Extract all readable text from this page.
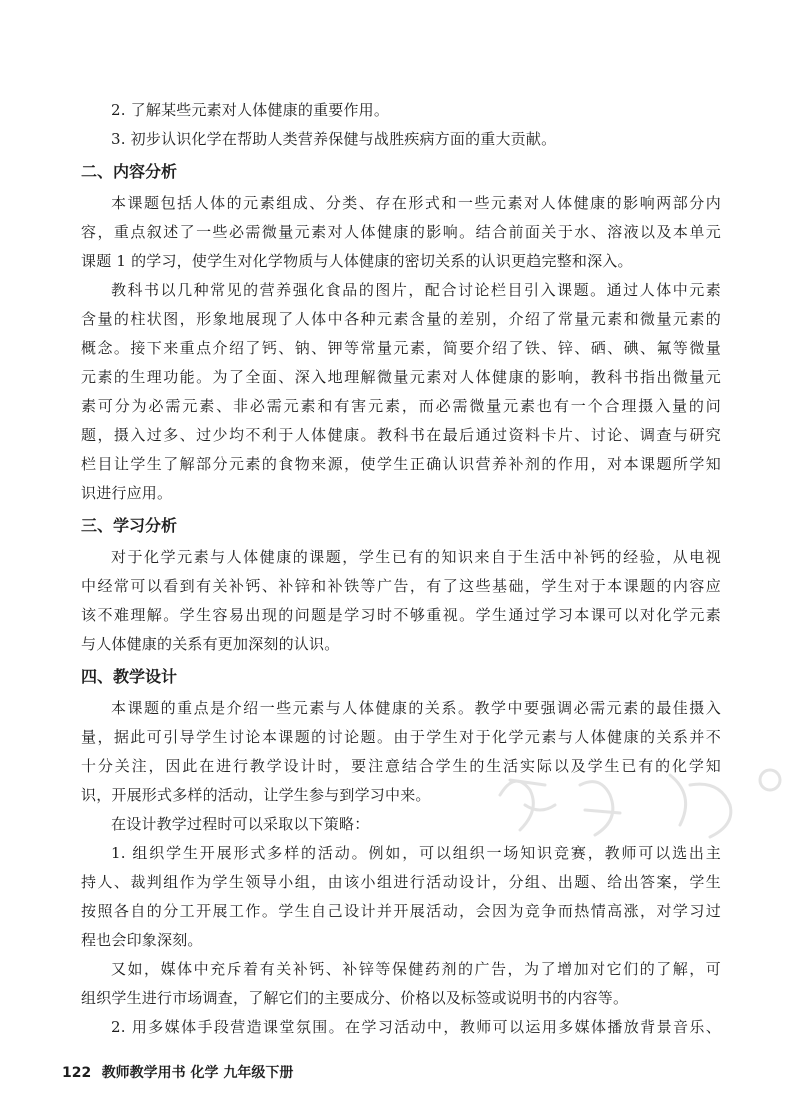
2. 了解某些元素对人体健康的重要作用。
3. 初步认识化学在帮助人类营养保健与战胜疾病方面的重大贡献。
二、内容分析
本课题包括人体的元素组成、分类、存在形式和一些元素对人体健康的影响两部分内
容，重点叙述了一些必需微量元素对人体健康的影响。结合前面关于水、溶液以及本单元
课题 1 的学习，使学生对化学物质与人体健康的密切关系的认识更趋完整和深入。
教科书以几种常见的营养强化食品的图片，配合讨论栏目引入课题。通过人体中元素
含量的柱状图，形象地展现了人体中各种元素含量的差别，介绍了常量元素和微量元素的
概念。接下来重点介绍了钙、钠、钾等常量元素，简要介绍了铁、锌、硒、碘、氟等微量
元素的生理功能。为了全面、深入地理解微量元素对人体健康的影响，教科书指出微量元
素可分为必需元素、非必需元素和有害元素，而必需微量元素也有一个合理摄入量的问
题，摄入过多、过少均不利于人体健康。教科书在最后通过资料卡片、讨论、调查与研究
栏目让学生了解部分元素的食物来源，使学生正确认识营养补剂的作用，对本课题所学知
识进行应用。
三、学习分析
对于化学元素与人体健康的课题，学生已有的知识来自于生活中补钙的经验，从电视
中经常可以看到有关补钙、补锌和补铁等广告，有了这些基础，学生对于本课题的内容应
该不难理解。学生容易出现的问题是学习时不够重视。学生通过学习本课可以对化学元素
与人体健康的关系有更加深刻的认识。
四、教学设计
本课题的重点是介绍一些元素与人体健康的关系。教学中要强调必需元素的最佳摄入
量，据此可引导学生讨论本课题的讨论题。由于学生对于化学元素与人体健康的关系并不
十分关注，因此在进行教学设计时，要注意结合学生的生活实际以及学生已有的化学知
识，开展形式多样的活动，让学生参与到学习中来。
在设计教学过程时可以采取以下策略：
1. 组织学生开展形式多样的活动。例如，可以组织一场知识竞赛，教师可以选出主
持人、裁判组作为学生领导小组，由该小组进行活动设计，分组、出题、给出答案，学生
按照各自的分工开展工作。学生自己设计并开展活动，会因为竞争而热情高涨，对学习过
程也会印象深刻。
又如，媒体中充斥着有关补钙、补锌等保健药剂的广告，为了增加对它们的了解，可
组织学生进行市场调查，了解它们的主要成分、价格以及标签或说明书的内容等。
2. 用多媒体手段营造课堂氛围。在学习活动中，教师可以运用多媒体播放背景音乐、
122 教师教学用书 化学 九年级下册
